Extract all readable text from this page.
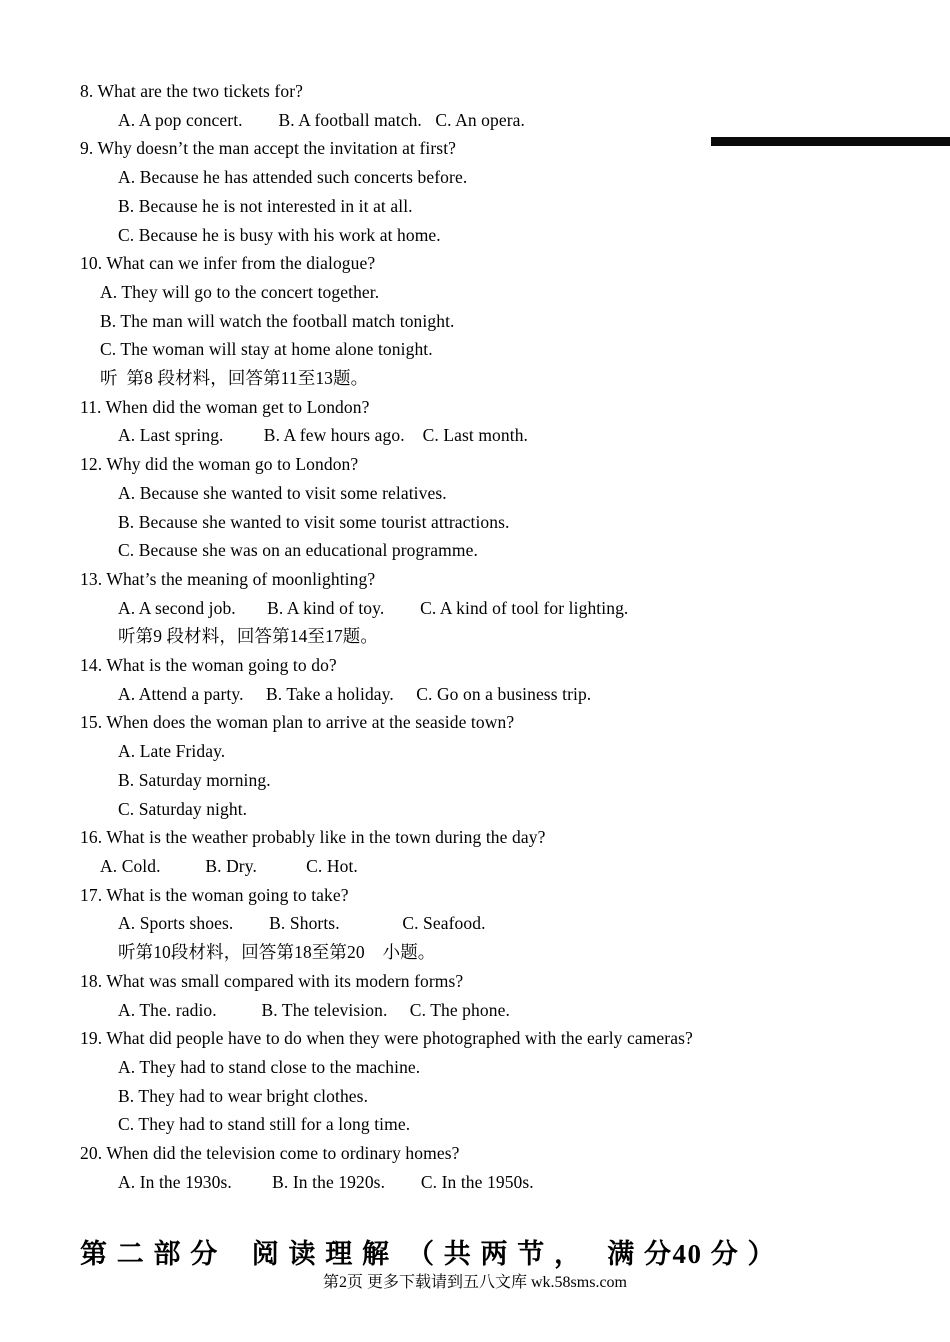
8. What are the two tickets for?
A. A pop concert.        B. A football match.   C. An opera.
9. Why doesn’t the man accept the invitation at first?
A. Because he has attended such concerts before.
B. Because he is not interested in it at all.
C. Because he is busy with his work at home.
10. What can we infer from the dialogue?
A. They will go to the concert together.
B. The man will watch the football match tonight.
C. The woman will stay at home alone tonight.
听  第8 段材料，回答第11至13题。
11. When did the woman get to London?
A. Last spring.         B. A few hours ago.    C. Last month.
12. Why did the woman go to London?
A. Because she wanted to visit some relatives.
B. Because she wanted to visit some tourist attractions.
C. Because she was on an educational programme.
13. What’s the meaning of moonlighting?
A. A second job.       B. A kind of toy.        C. A kind of tool for lighting.
听第9 段材料，回答第14至17题。
14. What is the woman going to do?
A. Attend a party.     B. Take a holiday.     C. Go on a business trip.
15. When does the woman plan to arrive at the seaside town?
A. Late Friday.
B. Saturday morning.
C. Saturday night.
16. What is the weather probably like in the town during the day?
A. Cold.          B. Dry.           C. Hot.
17. What is the woman going to take?
A. Sports shoes.        B. Shorts.              C. Seafood.
听第10段材料，回答第18至第20    小题。
18. What was small compared with its modern forms?
A. The. radio.          B. The television.     C. The phone.
19. What did people have to do when they were photographed with the early cameras?
A. They had to stand close to the machine.
B. They had to wear bright clothes.
C. They had to stand still for a long time.
20. When did the television come to ordinary homes?
A. In the 1930s.         B. In the 1920s.        C. In the 1950s.
第 二 部 分    阅 读 理 解  （ 共 两 节 ，   满 分40 分 ）
第2页 更多下载请到五八文库 wk.58sms.com
